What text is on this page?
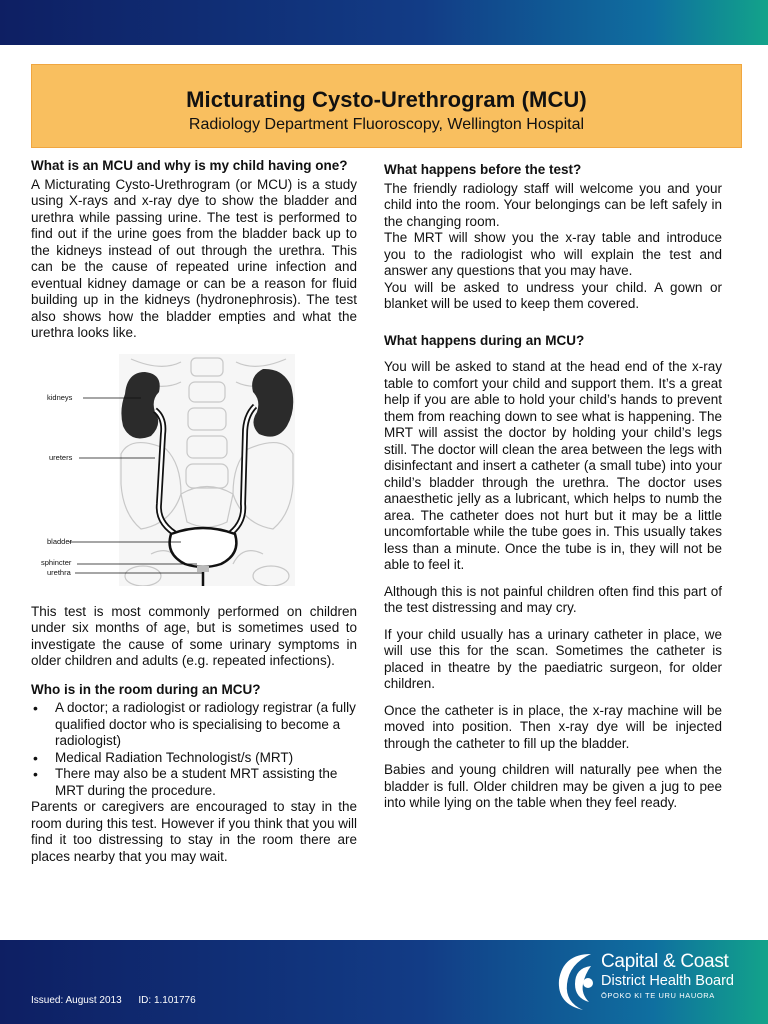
Micturating Cysto-Urethrogram (MCU)
Radiology Department Fluoroscopy, Wellington Hospital
What is an MCU and why is my child having one?

A Micturating Cysto-Urethrogram (or MCU) is a study using X-rays and x-ray dye to show the bladder and urethra while passing urine. The test is performed to find out if the urine goes from the bladder back up to the kidneys instead of out through the urethra. This can be the cause of repeated urine infection and eventual kidney damage or can be a reason for fluid building up in the kidneys (hydronephrosis). The test also shows how the bladder empties and what the urethra looks like.

kidneys
ureters
bladder
sphincter
urethra

This test is most commonly performed on children under six months of age, but is sometimes used to investigate the cause of some urinary symptoms in older children and adults (e.g. repeated infections).

Who is in the room during an MCU?
• A doctor; a radiologist or radiology registrar (a fully qualified doctor who is specialising to become a radiologist)
• Medical Radiation Technologist/s (MRT)
• There may also be a student MRT assisting the MRT during the procedure.

Parents or caregivers are encouraged to stay in the room during this test. However if you think that you will find it too distressing to stay in the room there are places nearby that you may wait.

What happens before the test?

The friendly radiology staff will welcome you and your child into the room. Your belongings can be left safely in the changing room.

The MRT will show you the x-ray table and introduce you to the radiologist who will explain the test and answer any questions that you may have.

You will be asked to undress your child. A gown or blanket will be used to keep them covered.

What happens during an MCU?

You will be asked to stand at the head end of the x-ray table to comfort your child and support them. It’s a great help if you are able to hold your child’s hands to prevent them from reaching down to see what is happening. The MRT will assist the doctor by holding your child’s legs still. The doctor will clean the area between the legs with disinfectant and insert a catheter (a small tube) into your child’s bladder through the urethra. The doctor uses anaesthetic jelly as a lubricant, which helps to numb the area. The catheter does not hurt but it may be a little uncomfortable while the tube goes in. This usually takes less than a minute. Once the tube is in, they will not be able to feel it.

Although this is not painful children often find this part of the test distressing and may cry.

If your child usually has a urinary catheter in place, we will use this for the scan. Sometimes the catheter is placed in theatre by the paediatric surgeon, for older children.

Once the catheter is in place, the x-ray machine will be moved into position. Then x-ray dye will be injected through the catheter to fill up the bladder.

Babies and young children will naturally pee when the bladder is full. Older children may be given a jug to pee into while lying on the table when they feel ready.

Issued: August 2013 ID: 1.101776
Capital & Coast
District Health Board
ŌPOKO KI TE URU HAUORA
